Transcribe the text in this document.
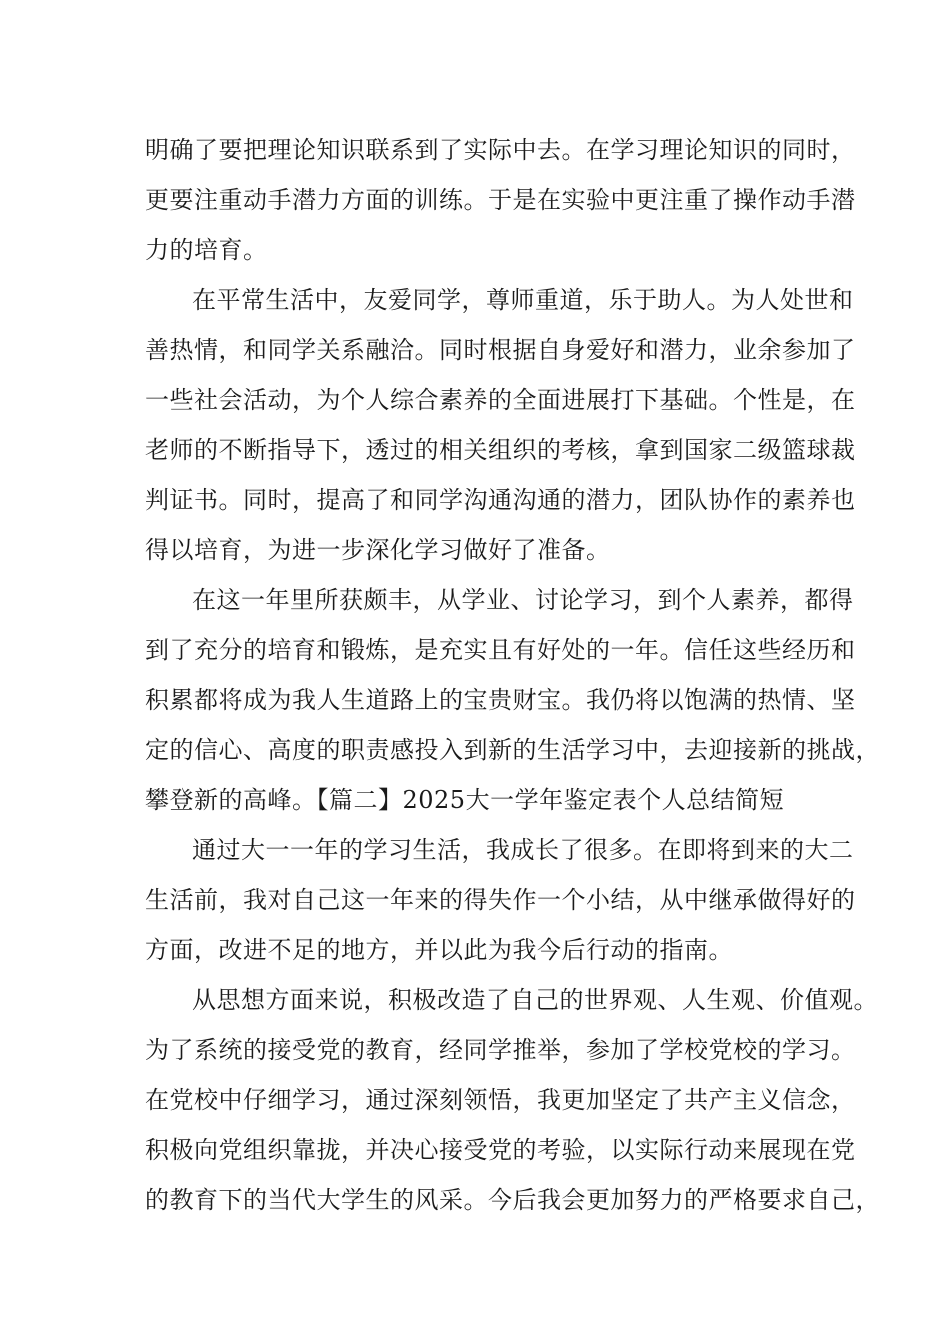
明确了要把理论知识联系到了实际中去。在学习理论知识的同时，
更要注重动手潜力方面的训练。于是在实验中更注重了操作动手潜
力的培育。
在平常生活中，友爱同学，尊师重道，乐于助人。为人处世和
善热情，和同学关系融洽。同时根据自身爱好和潜力，业余参加了
一些社会活动，为个人综合素养的全面进展打下基础。个性是，在
老师的不断指导下，透过的相关组织的考核，拿到国家二级篮球裁
判证书。同时，提高了和同学沟通沟通的潜力，团队协作的素养也
得以培育，为进一步深化学习做好了准备。
在这一年里所获颇丰，从学业、讨论学习，到个人素养，都得
到了充分的培育和锻炼，是充实且有好处的一年。信任这些经历和
积累都将成为我人生道路上的宝贵财宝。我仍将以饱满的热情、坚
定的信心、高度的职责感投入到新的生活学习中，去迎接新的挑战，
攀登新的高峰。【篇二】2025大一学年鉴定表个人总结简短
通过大一一年的学习生活，我成长了很多。在即将到来的大二
生活前，我对自己这一年来的得失作一个小结，从中继承做得好的
方面，改进不足的地方，并以此为我今后行动的指南。
从思想方面来说，积极改造了自己的世界观、人生观、价值观。
为了系统的接受党的教育，经同学推举，参加了学校党校的学习。
在党校中仔细学习，通过深刻领悟，我更加坚定了共产主义信念，
积极向党组织靠拢，并决心接受党的考验，以实际行动来展现在党
的教育下的当代大学生的风采。今后我会更加努力的严格要求自己，
